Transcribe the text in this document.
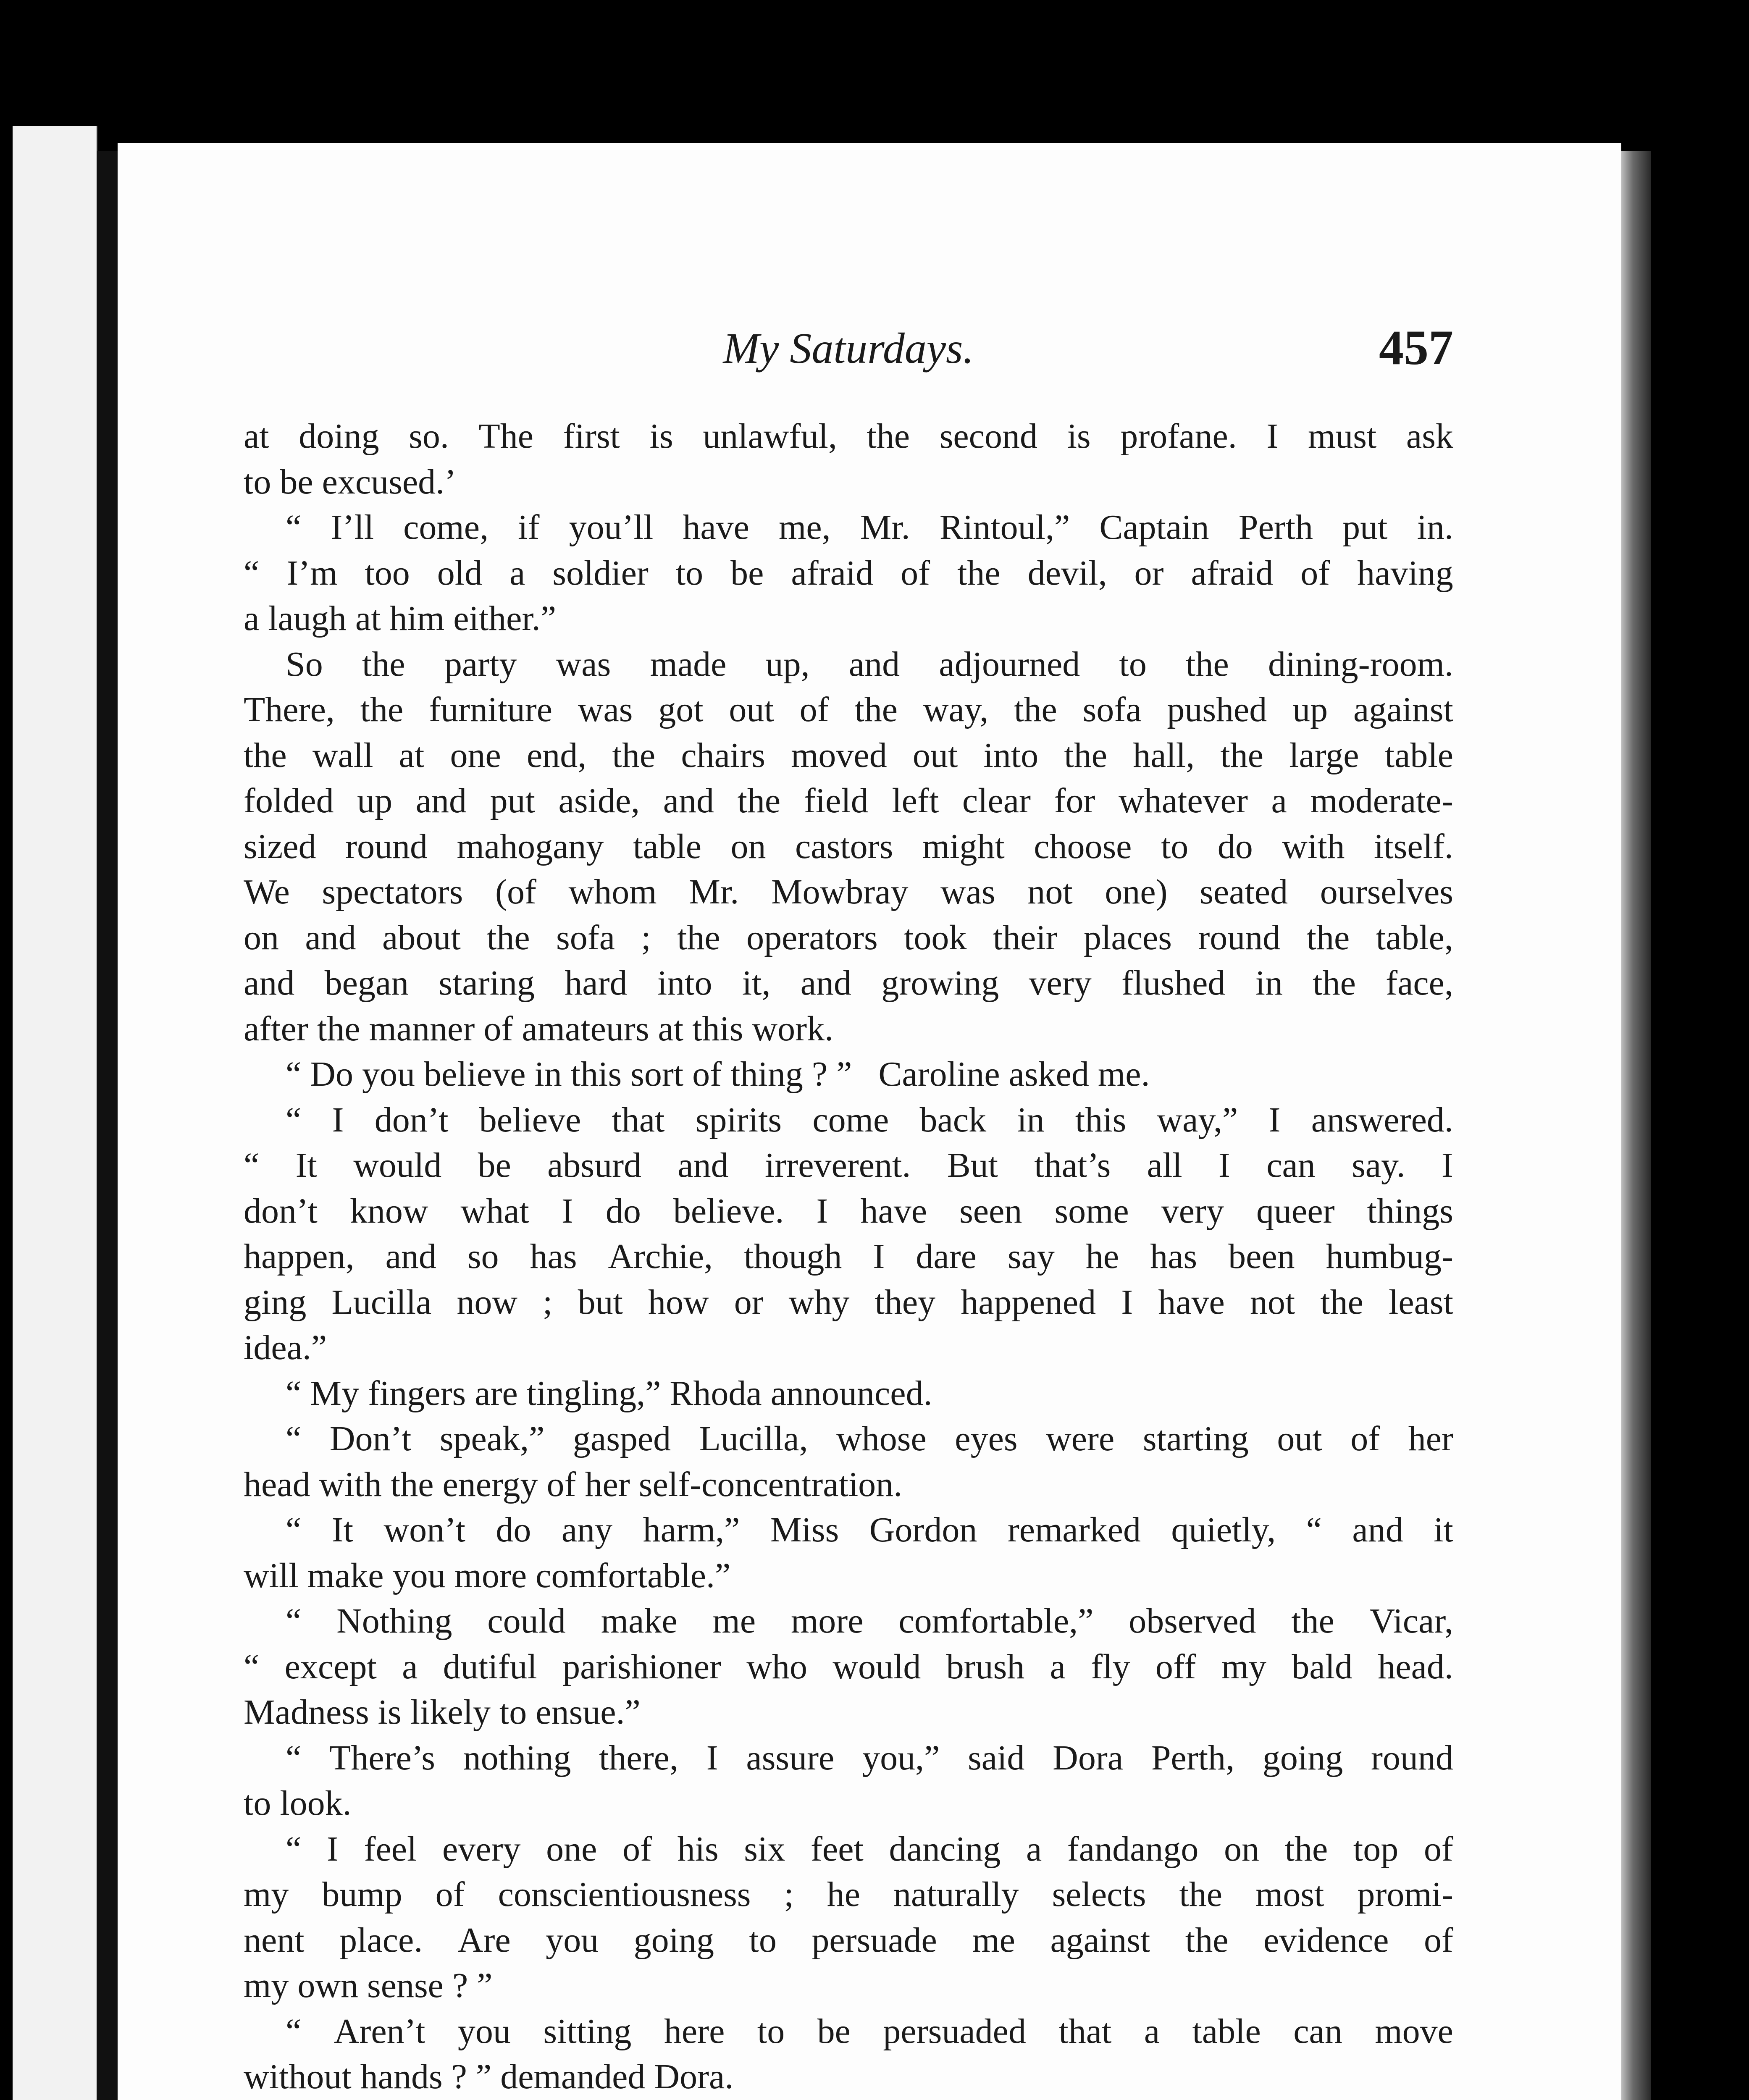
My Saturdays.	457
at doing so. The first is unlawful, the second is profane. I must ask
to be excused.’
“ I’ll come, if you’ll have me, Mr. Rintoul,” Captain Perth put in.
“ I’m too old a soldier to be afraid of the devil, or afraid of having
a laugh at him either.”
So the party was made up, and adjourned to the dining-room.
There, the furniture was got out of the way, the sofa pushed up against
the wall at one end, the chairs moved out into the hall, the large table
folded up and put aside, and the field left clear for whatever a moderate-
sized round mahogany table on castors might choose to do with itself.
We spectators (of whom Mr. Mowbray was not one) seated ourselves
on and about the sofa ; the operators took their places round the table,
and began staring hard into it, and growing very flushed in the face,
after the manner of amateurs at this work.
“ Do you believe in this sort of thing ? ”   Caroline asked me.
“ I don’t believe that spirits come back in this way,” I answered.
“ It would be absurd and irreverent. But that’s all I can say. I
don’t know what I do believe. I have seen some very queer things
happen, and so has Archie, though I dare say he has been humbug-
ging Lucilla now ; but how or why they happened I have not the least
idea.”
“ My fingers are tingling,” Rhoda announced.
“ Don’t speak,” gasped Lucilla, whose eyes were starting out of her
head with the energy of her self-concentration.
“ It won’t do any harm,” Miss Gordon remarked quietly, “ and it
will make you more comfortable.”
“ Nothing could make me more comfortable,” observed the Vicar,
“ except a dutiful parishioner who would brush a fly off my bald head.
Madness is likely to ensue.”
“ There’s nothing there, I assure you,” said Dora Perth, going round
to look.
“ I feel every one of his six feet dancing a fandango on the top of
my bump of conscientiousness ; he naturally selects the most promi-
nent place. Are you going to persuade me against the evidence of
my own sense ? ”
“ Aren’t you sitting here to be persuaded that a table can move
without hands ? ” demanded Dora.
